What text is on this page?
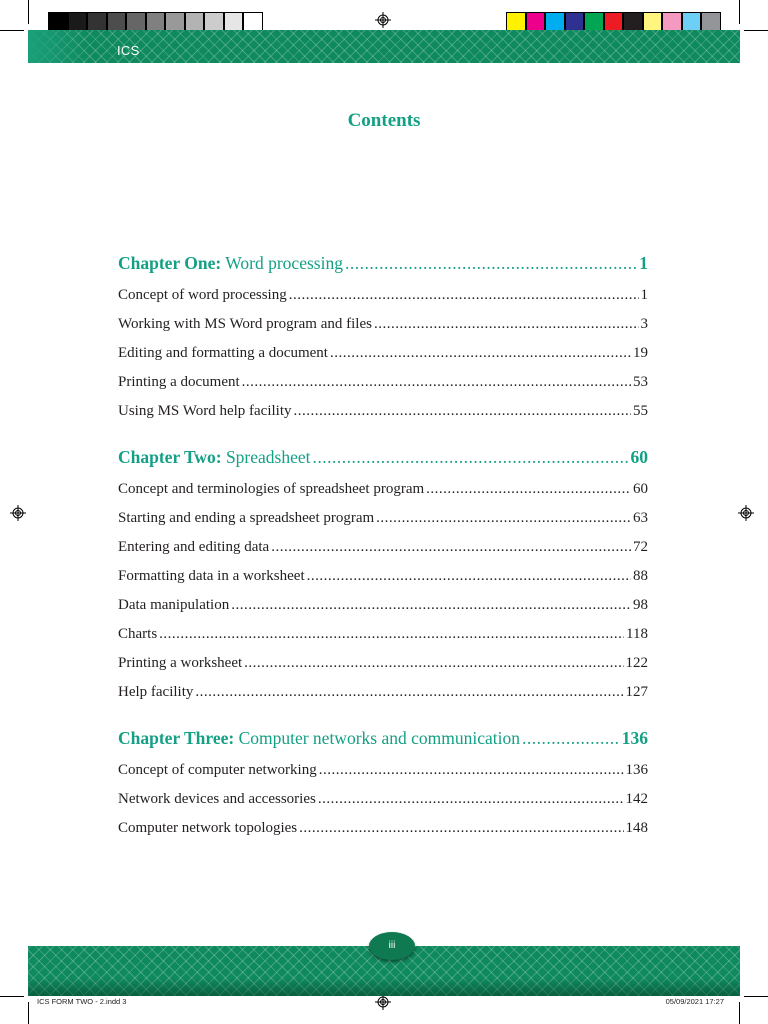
ICS
Contents
Chapter One: Word processing .....	1
Concept of word processing .....	1
Working with MS Word program and files .....	3
Editing and formatting a document .....	19
Printing a document .....	53
Using MS Word help facility .....	55
Chapter Two: Spreadsheet .....	60
Concept and terminologies of spreadsheet program .....	60
Starting and ending a spreadsheet program .....	63
Entering and editing data .....	72
Formatting data in a worksheet .....	88
Data manipulation .....	98
Charts .....	118
Printing a worksheet .....	122
Help facility .....	127
Chapter Three: Computer networks and communication .....	136
Concept of computer networking .....	136
Network devices and accessories .....	142
Computer network topologies .....	148
iii
ICS FORM TWO - 2.indd 3	05/09/2021 17:27
